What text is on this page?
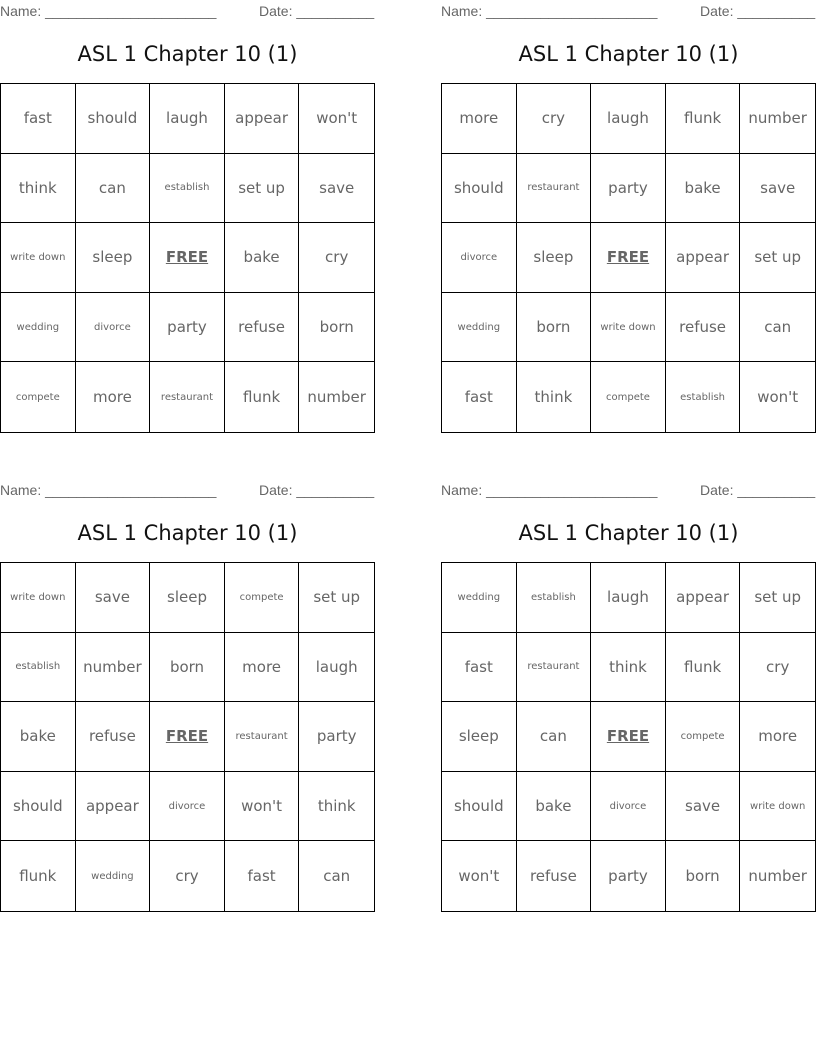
Name: ______________________	Date: __________
ASL 1 Chapter 10 (1)
fast	should	laugh	appear	won't
think	can	establish	set up	save
write down	sleep	FREE	bake	cry
wedding	divorce	party	refuse	born
compete	more	restaurant	flunk	number
Name: ______________________	Date: __________
ASL 1 Chapter 10 (1)
more	cry	laugh	flunk	number
should	restaurant	party	bake	save
divorce	sleep	FREE	appear	set up
wedding	born	write down	refuse	can
fast	think	compete	establish	won't
Name: ______________________	Date: __________
ASL 1 Chapter 10 (1)
write down	save	sleep	compete	set up
establish	number	born	more	laugh
bake	refuse	FREE	restaurant	party
should	appear	divorce	won't	think
flunk	wedding	cry	fast	can
Name: ______________________	Date: __________
ASL 1 Chapter 10 (1)
wedding	establish	laugh	appear	set up
fast	restaurant	think	flunk	cry
sleep	can	FREE	compete	more
should	bake	divorce	save	write down
won't	refuse	party	born	number
